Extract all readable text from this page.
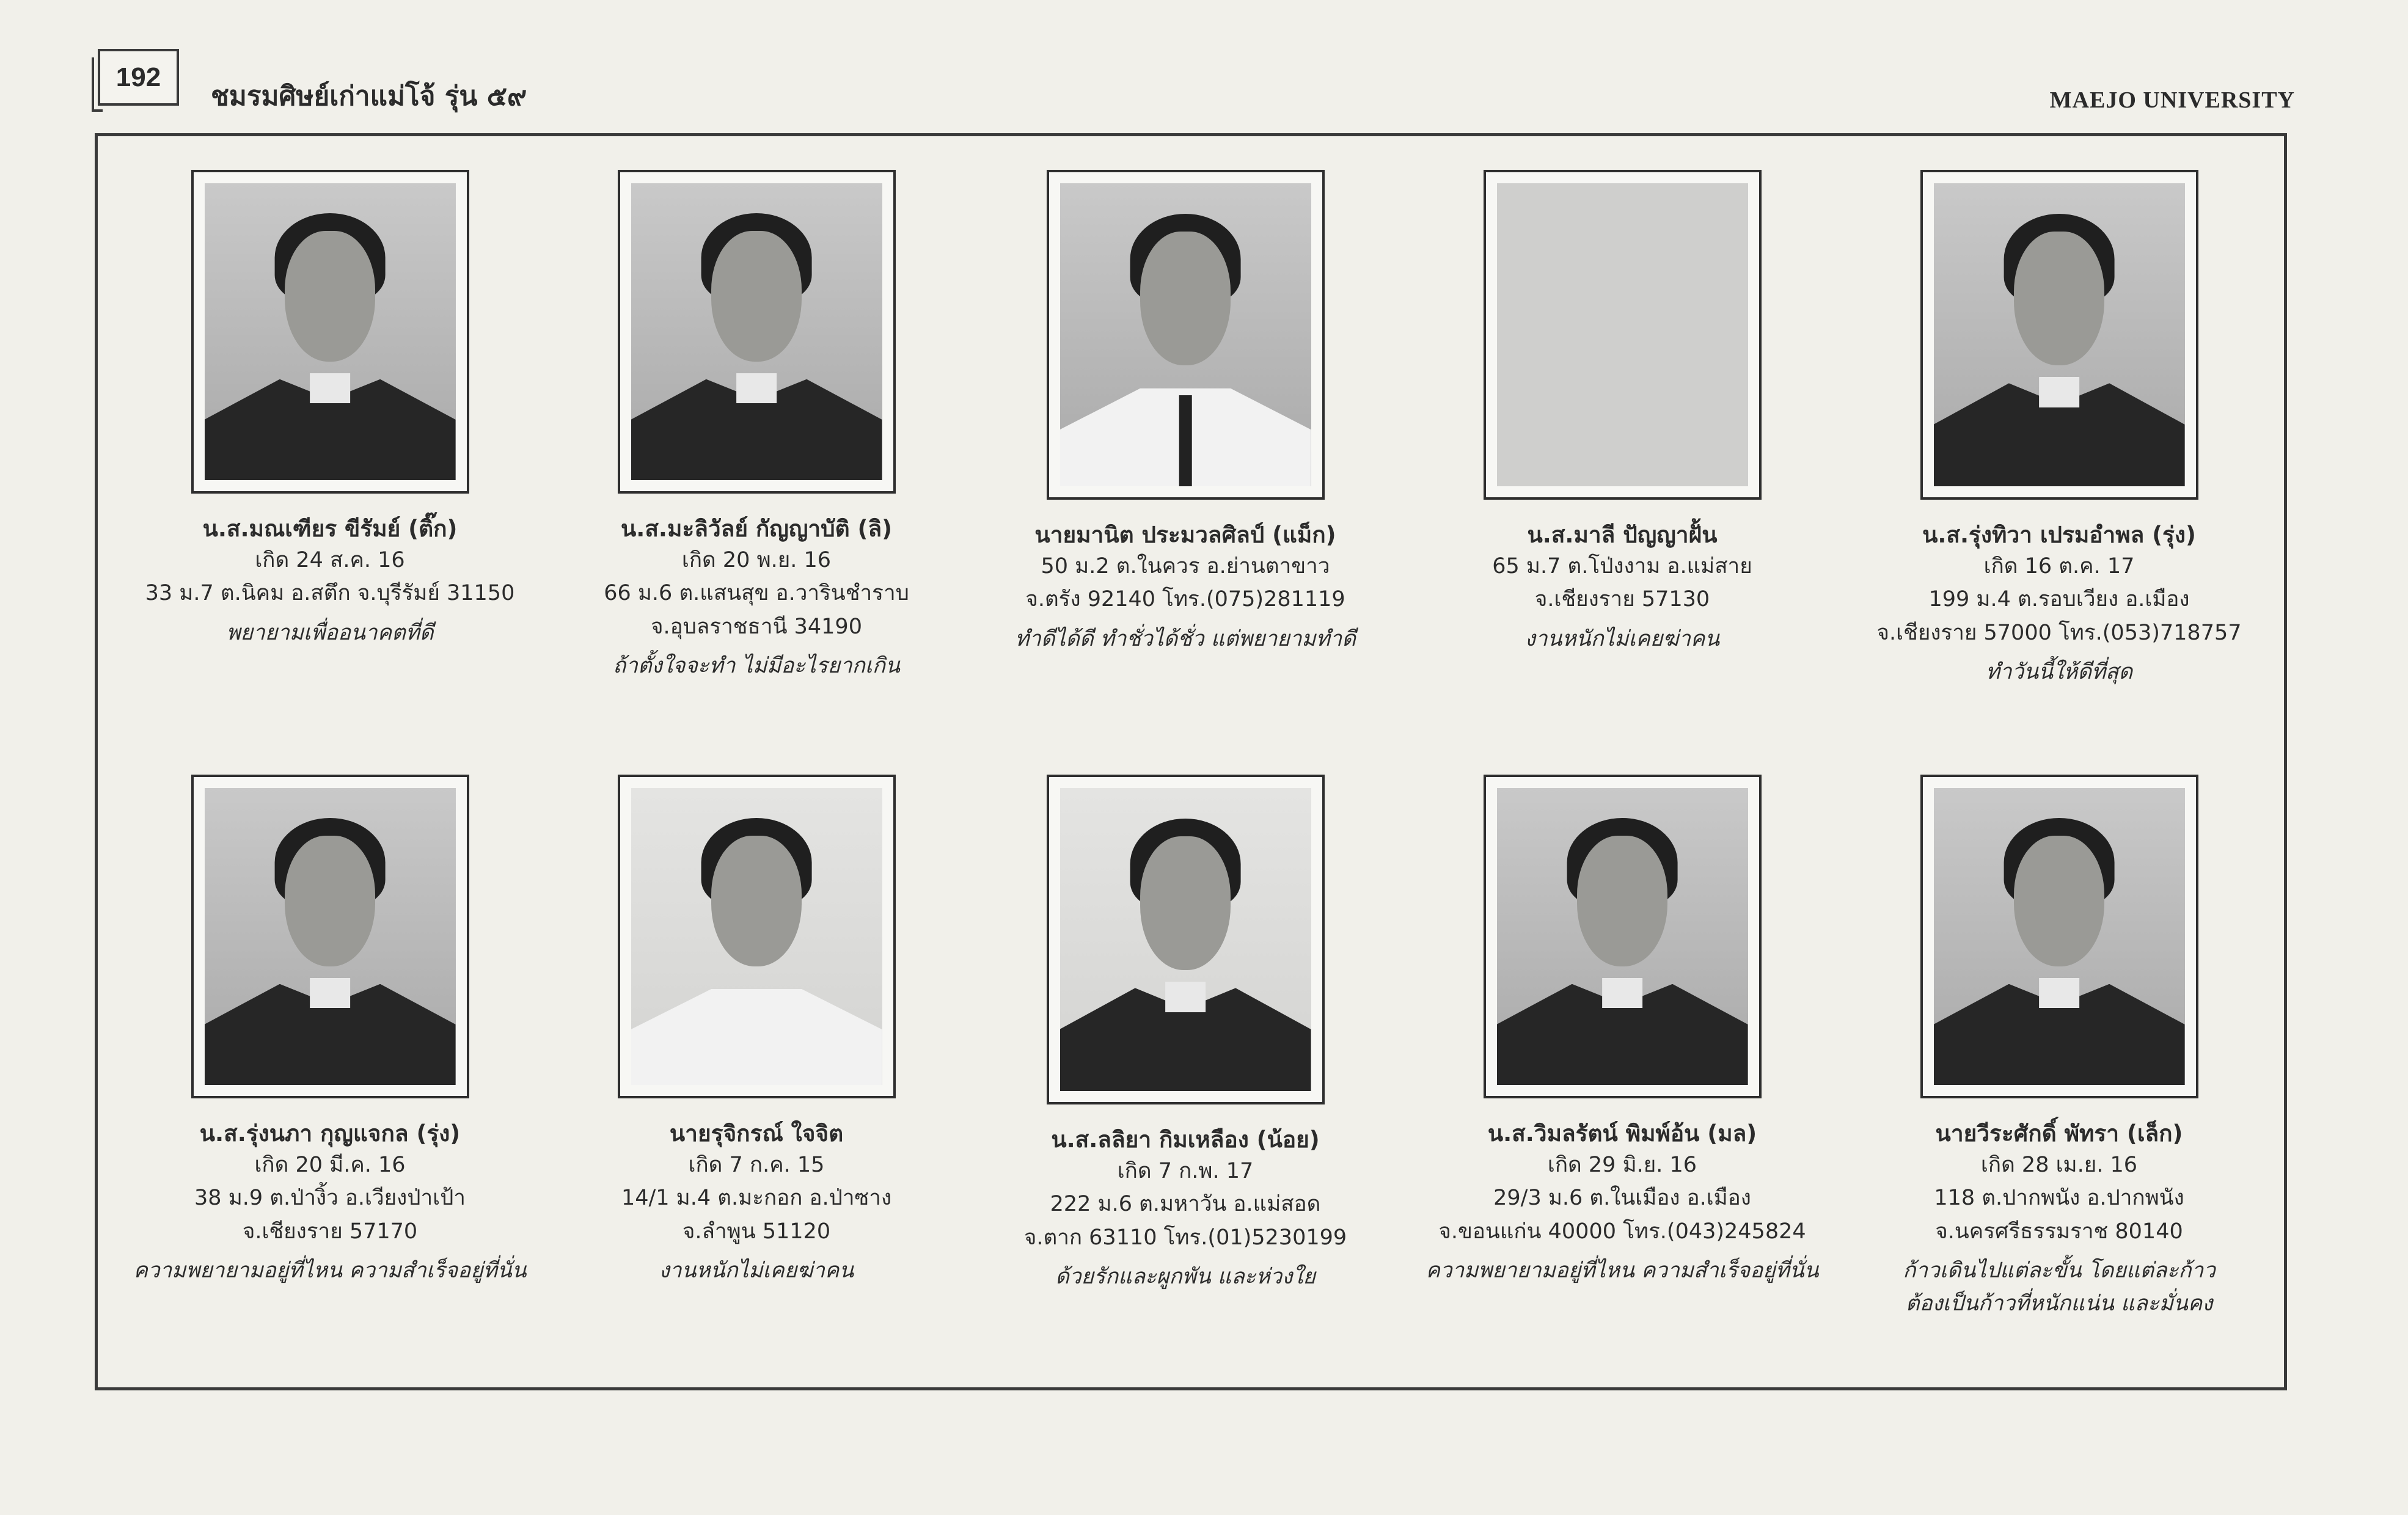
192
ชมรมศิษย์เก่าแม่โจ้ รุ่น ๕๙	MAEJO UNIVERSITY
น.ส.มณเฑียร ขีรัมย์ (ติ๊ก)
เกิด 24 ส.ค. 16
33 ม.7 ต.นิคม อ.สตึก จ.บุรีรัมย์ 31150
พยายามเพื่ออนาคตที่ดี
น.ส.มะลิวัลย์ กัญญาบัติ (ลิ)
เกิด 20 พ.ย. 16
66 ม.6 ต.แสนสุข อ.วารินชำราบ
จ.อุบลราชธานี 34190
ถ้าตั้งใจจะทำ ไม่มีอะไรยากเกิน
นายมานิต ประมวลศิลป์ (แม็ก)
50 ม.2 ต.ในควร อ.ย่านตาขาว
จ.ตรัง 92140 โทร.(075)281119
ทำดีได้ดี ทำชั่วได้ชั่ว แต่พยายามทำดี
น.ส.มาลี ปัญญาฝั้น
65 ม.7 ต.โป่งงาม อ.แม่สาย
จ.เชียงราย 57130
งานหนักไม่เคยฆ่าคน
น.ส.รุ่งทิวา เปรมอำพล (รุ่ง)
เกิด 16 ต.ค. 17
199 ม.4 ต.รอบเวียง อ.เมือง
จ.เชียงราย 57000 โทร.(053)718757
ทำวันนี้ให้ดีที่สุด
น.ส.รุ่งนภา กุญแจกล (รุ่ง)
เกิด 20 มี.ค. 16
38 ม.9 ต.ป่างิ้ว อ.เวียงป่าเป้า
จ.เชียงราย 57170
ความพยายามอยู่ที่ไหน ความสำเร็จอยู่ที่นั่น
นายรุจิกรณ์ ใจจิต
เกิด 7 ก.ค. 15
14/1 ม.4 ต.มะกอก อ.ป่าซาง
จ.ลำพูน 51120
งานหนักไม่เคยฆ่าคน
น.ส.ลลิยา กิมเหลือง (น้อย)
เกิด 7 ก.พ. 17
222 ม.6 ต.มหาวัน อ.แม่สอด
จ.ตาก 63110 โทร.(01)5230199
ด้วยรักและผูกพัน และห่วงใย
น.ส.วิมลรัตน์ พิมพ์อ้น (มล)
เกิด 29 มิ.ย. 16
29/3 ม.6 ต.ในเมือง อ.เมือง
จ.ขอนแก่น 40000 โทร.(043)245824
ความพยายามอยู่ที่ไหน ความสำเร็จอยู่ที่นั่น
นายวีระศักดิ์ พัทรา (เล็ก)
เกิด 28 เม.ย. 16
118 ต.ปากพนัง อ.ปากพนัง
จ.นครศรีธรรมราช 80140
ก้าวเดินไปแต่ละขั้น โดยแต่ละก้าว
ต้องเป็นก้าวที่หนักแน่น และมั่นคง
